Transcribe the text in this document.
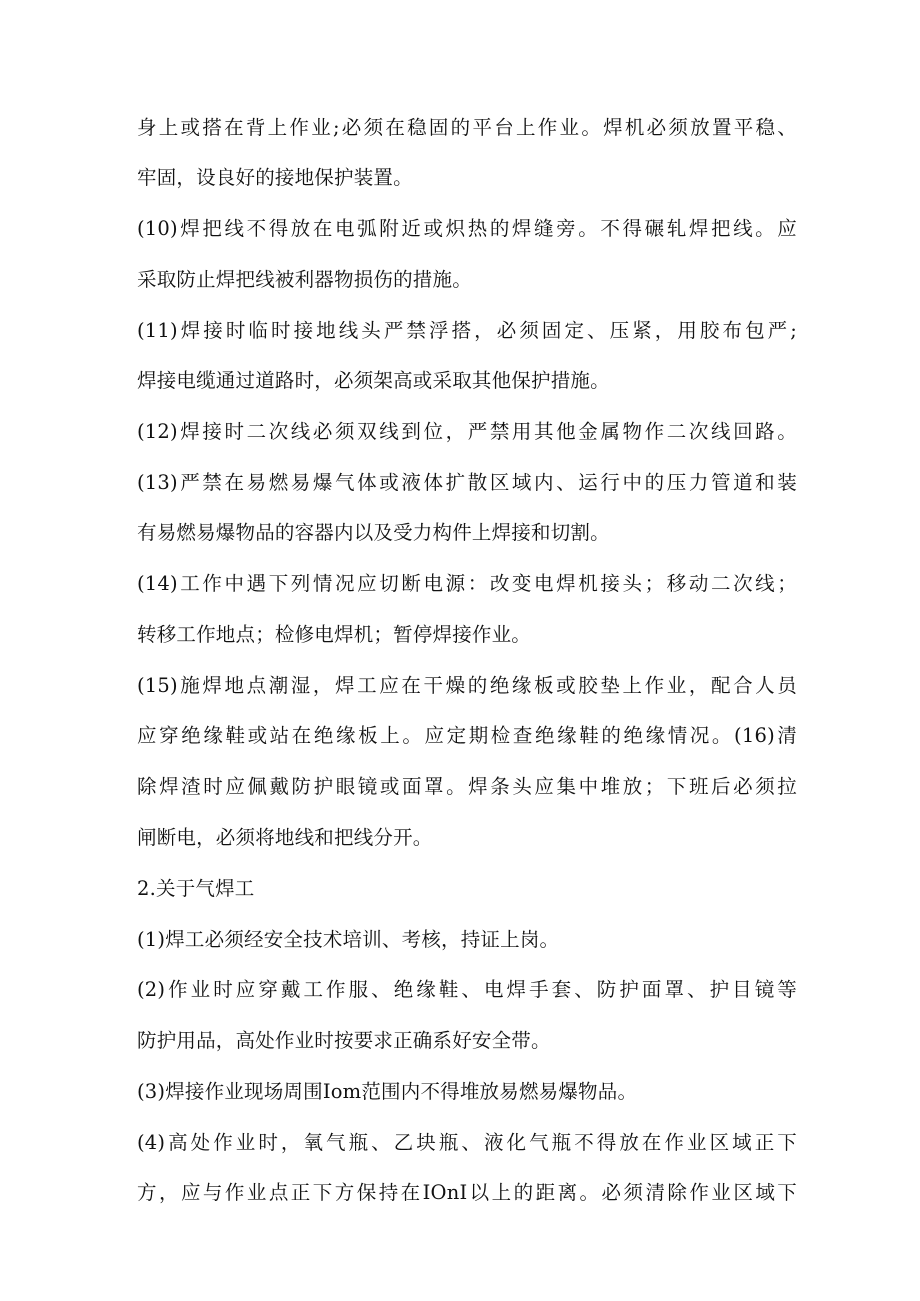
身上或搭在背上作业;必须在稳固的平台上作业。焊机必须放置平稳、
牢固，设良好的接地保护装置。
(10)焊把线不得放在电弧附近或炽热的焊缝旁。不得碾轧焊把线。应
采取防止焊把线被利器物损伤的措施。
(11)焊接时临时接地线头严禁浮搭，必须固定、压紧，用胶布包严;
焊接电缆通过道路时，必须架高或采取其他保护措施。
(12)焊接时二次线必须双线到位，严禁用其他金属物作二次线回路。
(13)严禁在易燃易爆气体或液体扩散区域内、运行中的压力管道和装
有易燃易爆物品的容器内以及受力构件上焊接和切割。
(14)工作中遇下列情况应切断电源：改变电焊机接头；移动二次线；
转移工作地点；检修电焊机；暂停焊接作业。
(15)施焊地点潮湿，焊工应在干燥的绝缘板或胶垫上作业，配合人员
应穿绝缘鞋或站在绝缘板上。应定期检查绝缘鞋的绝缘情况。(16)清
除焊渣时应佩戴防护眼镜或面罩。焊条头应集中堆放；下班后必须拉
闸断电，必须将地线和把线分开。
2.关于气焊工
(1)焊工必须经安全技术培训、考核，持证上岗。
(2)作业时应穿戴工作服、绝缘鞋、电焊手套、防护面罩、护目镜等
防护用品，高处作业时按要求正确系好安全带。
(3)焊接作业现场周围Iom范围内不得堆放易燃易爆物品。
(4)高处作业时，氧气瓶、乙块瓶、液化气瓶不得放在作业区域正下
方，应与作业点正下方保持在IOnI以上的距离。必须清除作业区域下
